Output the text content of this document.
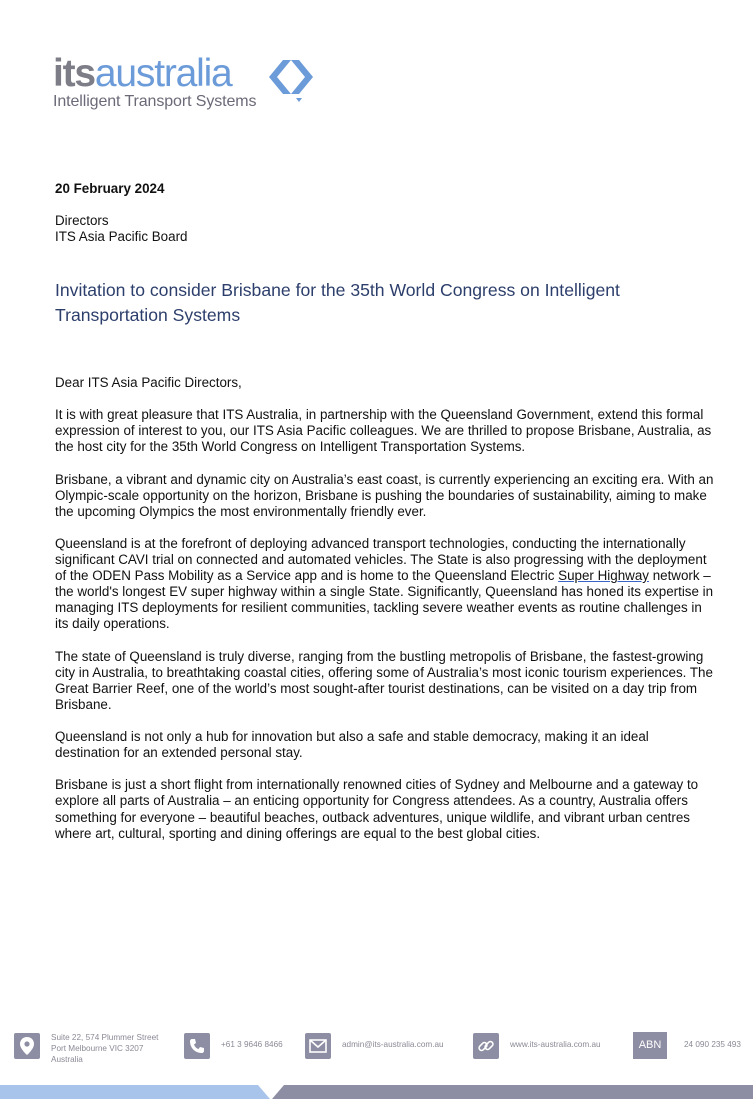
itsaustralia
Intelligent Transport Systems
20 February 2024
Directors
ITS Asia Pacific Board
Invitation to consider Brisbane for the 35th World Congress on Intelligent Transportation Systems

Dear ITS Asia Pacific Directors,

It is with great pleasure that ITS Australia, in partnership with the Queensland Government, extend this formal expression of interest to you, our ITS Asia Pacific colleagues. We are thrilled to propose Brisbane, Australia, as the host city for the 35th World Congress on Intelligent Transportation Systems.

Brisbane, a vibrant and dynamic city on Australia’s east coast, is currently experiencing an exciting era. With an Olympic-scale opportunity on the horizon, Brisbane is pushing the boundaries of sustainability, aiming to make the upcoming Olympics the most environmentally friendly ever.

Queensland is at the forefront of deploying advanced transport technologies, conducting the internationally significant CAVI trial on connected and automated vehicles. The State is also progressing with the deployment of the ODEN Pass Mobility as a Service app and is home to the Queensland Electric Super Highway network – the world's longest EV super highway within a single State. Significantly, Queensland has honed its expertise in managing ITS deployments for resilient communities, tackling severe weather events as routine challenges in its daily operations.

The state of Queensland is truly diverse, ranging from the bustling metropolis of Brisbane, the fastest-growing city in Australia, to breathtaking coastal cities, offering some of Australia’s most iconic tourism experiences. The Great Barrier Reef, one of the world’s most sought-after tourist destinations, can be visited on a day trip from Brisbane.

Queensland is not only a hub for innovation but also a safe and stable democracy, making it an ideal destination for an extended personal stay.

Brisbane is just a short flight from internationally renowned cities of Sydney and Melbourne and a gateway to explore all parts of Australia – an enticing opportunity for Congress attendees. As a country, Australia offers something for everyone – beautiful beaches, outback adventures, unique wildlife, and vibrant urban centres where art, cultural, sporting and dining offerings are equal to the best global cities.

Suite 22, 574 Plummer Street
Port Melbourne VIC 3207
Australia
+61 3 9646 8466	admin@its-australia.com.au	www.its-australia.com.au	ABN	24 090 235 493
